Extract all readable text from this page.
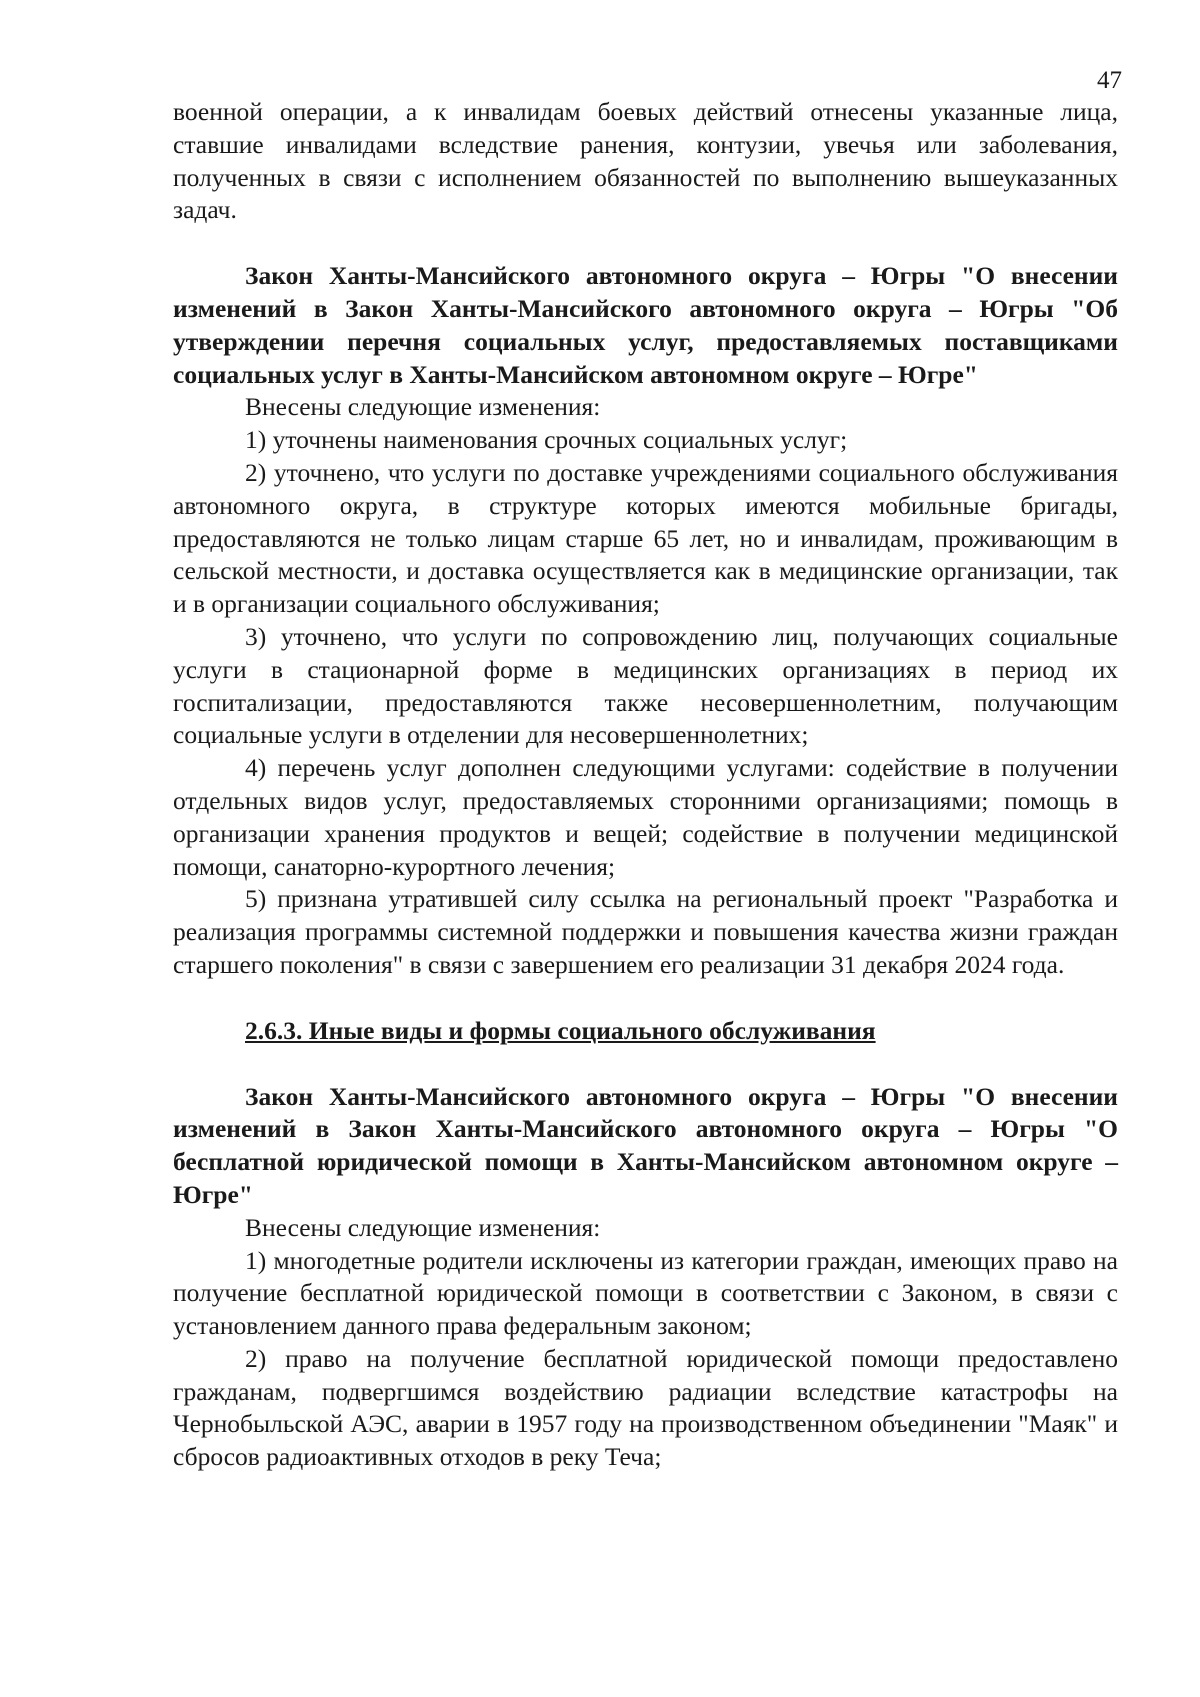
47

военной операции, а к инвалидам боевых действий отнесены указанные лица, ставшие инвалидами вследствие ранения, контузии, увечья или заболевания, полученных в связи с исполнением обязанностей по выполнению вышеуказанных задач.

Закон Ханты-Мансийского автономного округа – Югры "О внесении изменений в Закон Ханты-Мансийского автономного округа – Югры "Об утверждении перечня социальных услуг, предоставляемых поставщиками социальных услуг в Ханты-Мансийском автономном округе – Югре"

Внесены следующие изменения:

1) уточнены наименования срочных социальных услуг;

2) уточнено, что услуги по доставке учреждениями социального обслуживания автономного округа, в структуре которых имеются мобильные бригады, предоставляются не только лицам старше 65 лет, но и инвалидам, проживающим в сельской местности, и доставка осуществляется как в медицинские организации, так и в организации социального обслуживания;

3) уточнено, что услуги по сопровождению лиц, получающих социальные услуги в стационарной форме в медицинских организациях в период их госпитализации, предоставляются также несовершеннолетним, получающим социальные услуги в отделении для несовершеннолетних;

4) перечень услуг дополнен следующими услугами: содействие в получении отдельных видов услуг, предоставляемых сторонними организациями; помощь в организации хранения продуктов и вещей; содействие в получении медицинской помощи, санаторно-курортного лечения;

5) признана утратившей силу ссылка на региональный проект "Разработка и реализация программы системной поддержки и повышения качества жизни граждан старшего поколения" в связи с завершением его реализации 31 декабря 2024 года.

2.6.3. Иные виды и формы социального обслуживания

Закон Ханты-Мансийского автономного округа – Югры "О внесении изменений в Закон Ханты-Мансийского автономного округа – Югры "О бесплатной юридической помощи в Ханты-Мансийском автономном округе – Югре"

Внесены следующие изменения:

1) многодетные родители исключены из категории граждан, имеющих право на получение бесплатной юридической помощи в соответствии с Законом, в связи с установлением данного права федеральным законом;

2) право на получение бесплатной юридической помощи предоставлено гражданам, подвергшимся воздействию радиации вследствие катастрофы на Чернобыльской АЭС, аварии в 1957 году на производственном объединении "Маяк" и сбросов радиоактивных отходов в реку Теча;
